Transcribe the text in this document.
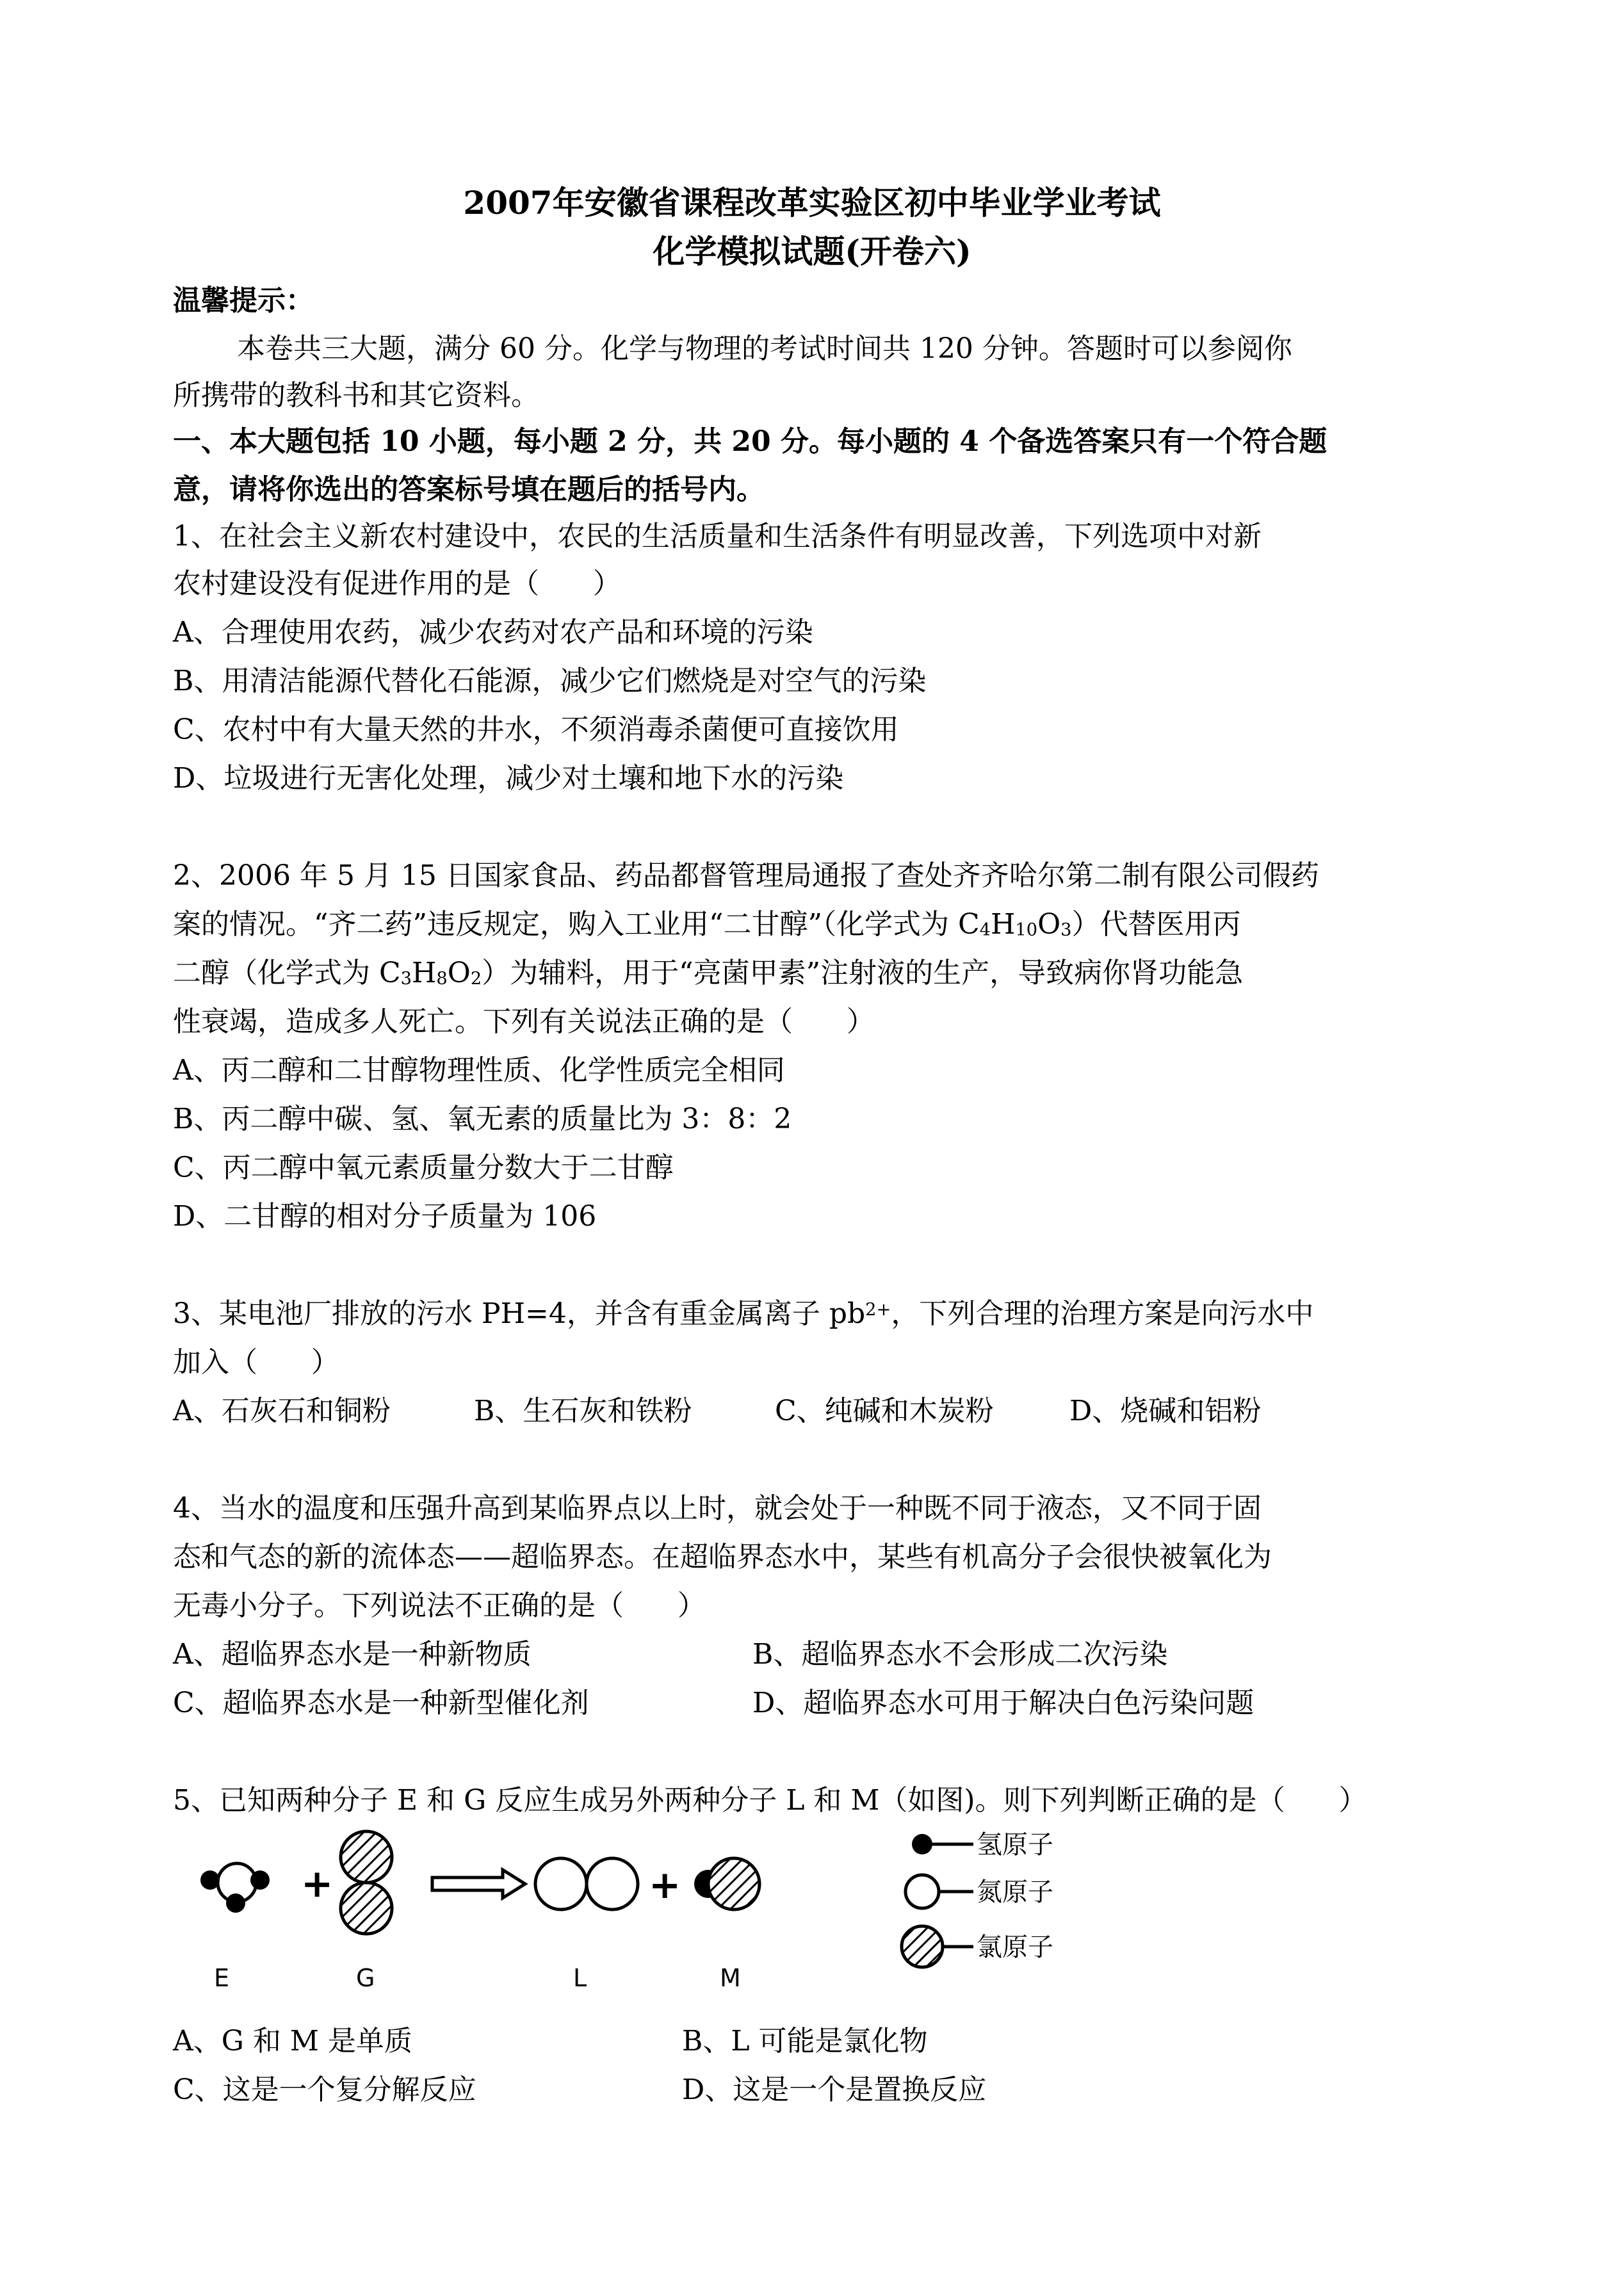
2007年安徽省课程改革实验区初中毕业学业考试
化学模拟试题(开卷六)
温馨提示：
本卷共三大题，满分 60 分。化学与物理的考试时间共 120 分钟。答题时可以参阅你
所携带的教科书和其它资料。
一、本大题包括 10 小题，每小题 2 分，共 20 分。每小题的 4 个备选答案只有一个符合题
意，请将你选出的答案标号填在题后的括号内。
1、在社会主义新农村建设中，农民的生活质量和生活条件有明显改善，下列选项中对新
农村建设没有促进作用的是（      ）
A、合理使用农药，减少农药对农产品和环境的污染
B、用清洁能源代替化石能源，减少它们燃烧是对空气的污染
C、农村中有大量天然的井水，不须消毒杀菌便可直接饮用
D、垃圾进行无害化处理，减少对土壤和地下水的污染
2、2006 年 5 月 15 日国家食品、药品都督管理局通报了查处齐齐哈尔第二制有限公司假药
案的情况。“齐二药”违反规定，购入工业用“二甘醇”（化学式为 $C_4H_{10}O_3$）代替医用丙
二醇（化学式为 $C_3H_8O_2$）为辅料，用于“亮菌甲素”注射液的生产，导致病你肾功能急
性衰竭，造成多人死亡。下列有关说法正确的是（      ）
A、丙二醇和二甘醇物理性质、化学性质完全相同
B、丙二醇中碳、氢、氧无素的质量比为 3：8：2
C、丙二醇中氧元素质量分数大于二甘醇
D、二甘醇的相对分子质量为 106
3、某电池厂排放的污水 PH=4，并含有重金属离子 $pb^{2+}$，下列合理的治理方案是向污水中
加入（      ）
A、石灰石和铜粉	B、生石灰和铁粉	C、纯碱和木炭粉	D、烧碱和铝粉
4、当水的温度和压强升高到某临界点以上时，就会处于一种既不同于液态，又不同于固
态和气态的新的流体态——超临界态。在超临界态水中，某些有机高分子会很快被氧化为
无毒小分子。下列说法不正确的是（      ）
A、超临界态水是一种新物质	B、超临界态水不会形成二次污染
C、超临界态水是一种新型催化剂	D、超临界态水可用于解决白色污染问题
5、已知两种分子 E 和 G 反应生成另外两种分子 L 和 M（如图)。则下列判断正确的是（      ）
+	+
E	G	L	M
氢原子
氮原子
氯原子
A、G 和 M 是单质	B、L 可能是氯化物
C、这是一个复分解反应	D、这是一个是置换反应
